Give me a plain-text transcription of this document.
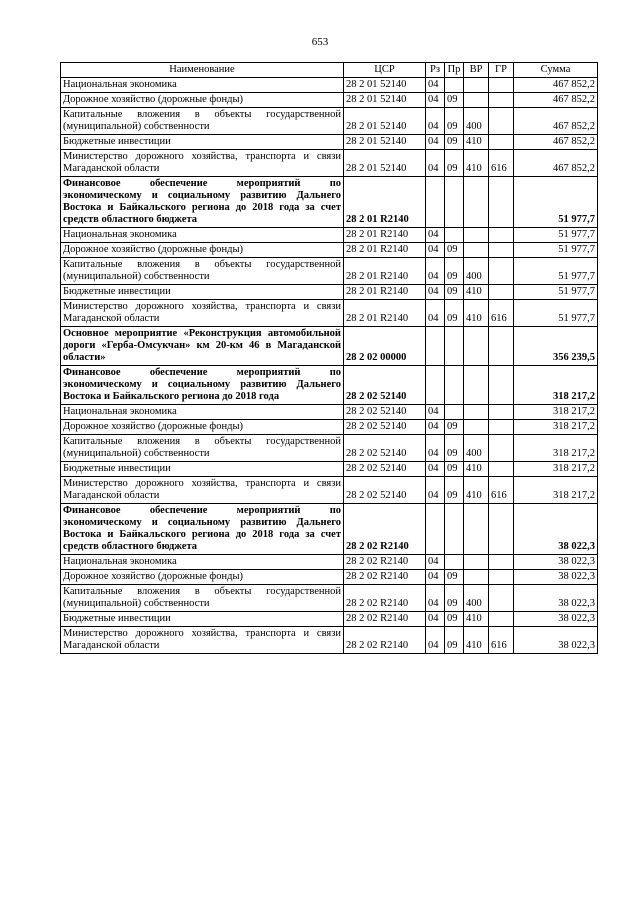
653
Наименование	ЦСР	Рз	Пр	ВР	ГР	Сумма
Национальная экономика	28 2 01 52140	04				467 852,2
Дорожное хозяйство (дорожные фонды)	28 2 01 52140	04	09			467 852,2
Капитальные вложения в объекты государственной (муниципальной) собственности	28 2 01 52140	04	09	400		467 852,2
Бюджетные инвестиции	28 2 01 52140	04	09	410		467 852,2
Министерство дорожного хозяйства, транспорта и связи Магаданской области	28 2 01 52140	04	09	410	616	467 852,2
Финансовое обеспечение мероприятий по экономическому и социальному развитию Дальнего Востока и Байкальского региона до 2018 года за счет средств областного бюджета	28 2 01 R2140					51 977,7
Национальная экономика	28 2 01 R2140	04				51 977,7
Дорожное хозяйство (дорожные фонды)	28 2 01 R2140	04	09			51 977,7
Капитальные вложения в объекты государственной (муниципальной) собственности	28 2 01 R2140	04	09	400		51 977,7
Бюджетные инвестиции	28 2 01 R2140	04	09	410		51 977,7
Министерство дорожного хозяйства, транспорта и связи Магаданской области	28 2 01 R2140	04	09	410	616	51 977,7
Основное мероприятие «Реконструкция автомобильной дороги «Герба-Омсукчан» км 20-км 46 в Магаданской области»	28 2 02 00000					356 239,5
Финансовое обеспечение мероприятий по экономическому и социальному развитию Дальнего Востока и Байкальского региона до 2018 года	28 2 02 52140					318 217,2
Национальная экономика	28 2 02 52140	04				318 217,2
Дорожное хозяйство (дорожные фонды)	28 2 02 52140	04	09			318 217,2
Капитальные вложения в объекты государственной (муниципальной) собственности	28 2 02 52140	04	09	400		318 217,2
Бюджетные инвестиции	28 2 02 52140	04	09	410		318 217,2
Министерство дорожного хозяйства, транспорта и связи Магаданской области	28 2 02 52140	04	09	410	616	318 217,2
Финансовое обеспечение мероприятий по экономическому и социальному развитию Дальнего Востока и Байкальского региона до 2018 года за счет средств областного бюджета	28 2 02 R2140					38 022,3
Национальная экономика	28 2 02 R2140	04				38 022,3
Дорожное хозяйство (дорожные фонды)	28 2 02 R2140	04	09			38 022,3
Капитальные вложения в объекты государственной (муниципальной) собственности	28 2 02 R2140	04	09	400		38 022,3
Бюджетные инвестиции	28 2 02 R2140	04	09	410		38 022,3
Министерство дорожного хозяйства, транспорта и связи Магаданской области	28 2 02 R2140	04	09	410	616	38 022,3
